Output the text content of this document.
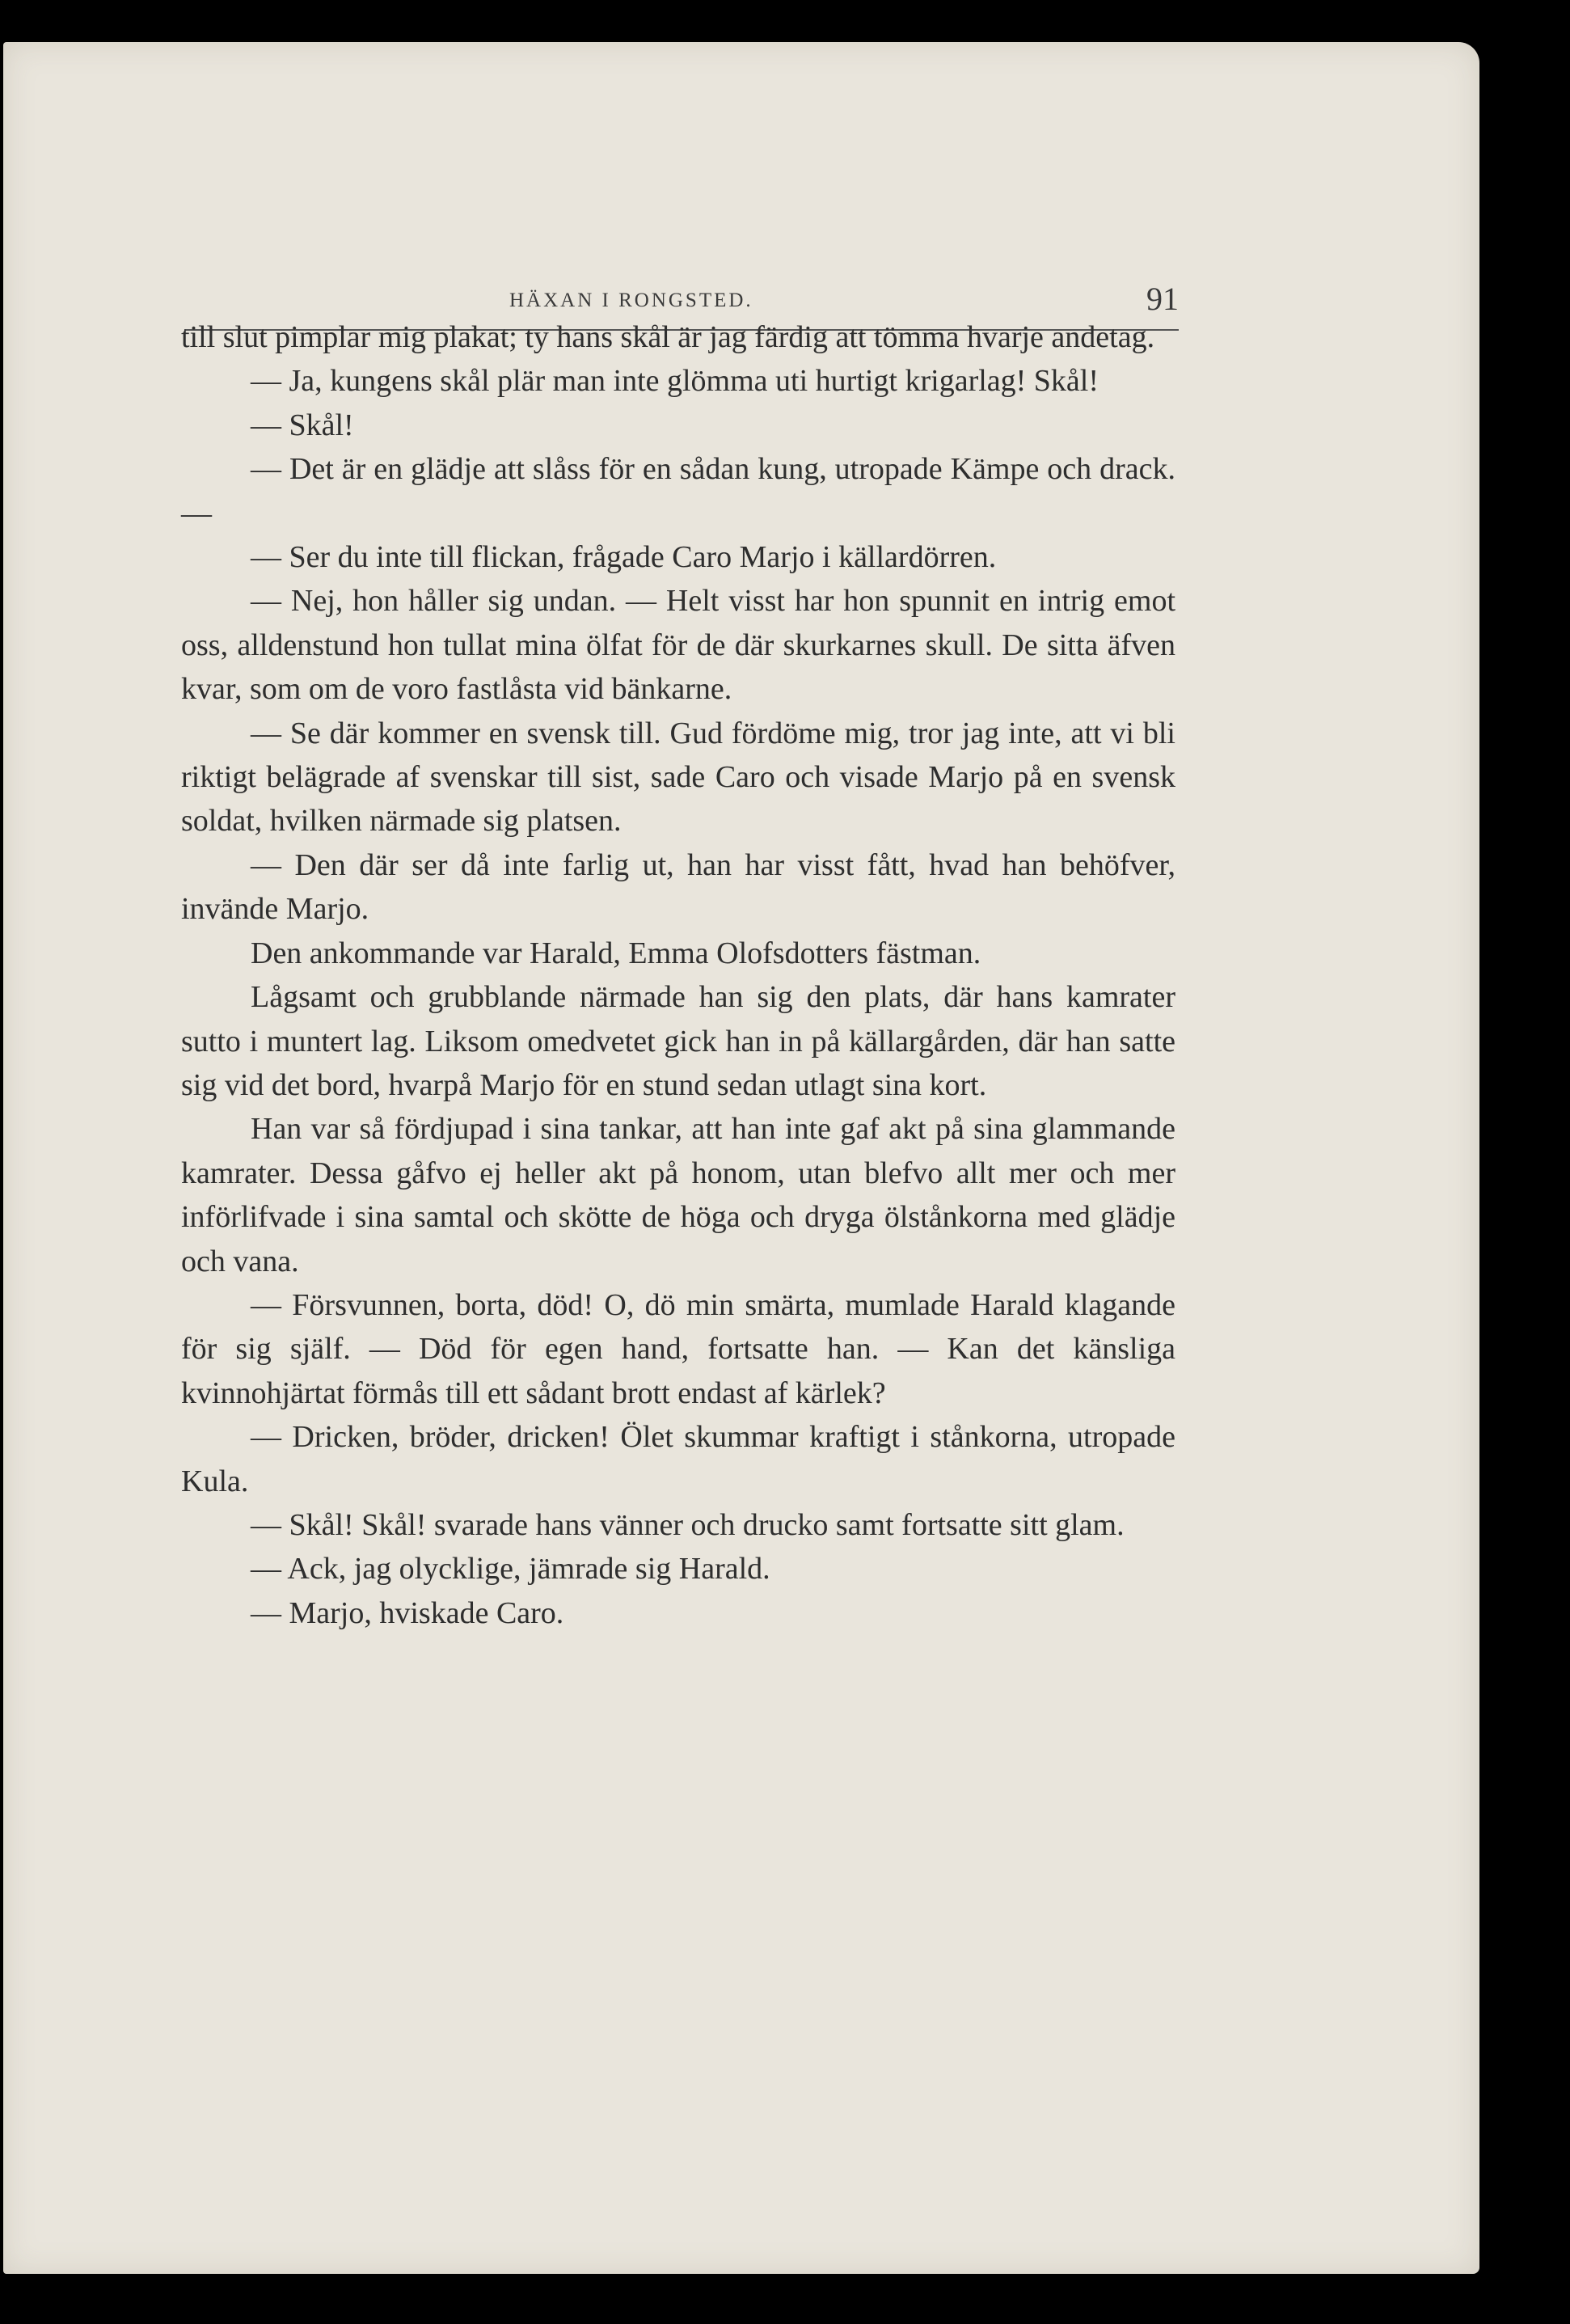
HÄXAN I RONGSTED.	91

till slut pimplar mig plakat; ty hans skål är jag färdig att tömma hvarje andetag.

— Ja, kungens skål plär man inte glömma uti hurtigt krigarlag! Skål!

— Skål!

— Det är en glädje att slåss för en sådan kung, utropade Kämpe och drack. —

— Ser du inte till flickan, frågade Caro Marjo i källardörren.

— Nej, hon håller sig undan. — Helt visst har hon spunnit en intrig emot oss, alldenstund hon tullat mina ölfat för de där skurkarnes skull. De sitta äfven kvar, som om de voro fastlåsta vid bänkarne.

— Se där kommer en svensk till. Gud fördöme mig, tror jag inte, att vi bli riktigt belägrade af svenskar till sist, sade Caro och visade Marjo på en svensk soldat, hvilken närmade sig platsen.

— Den där ser då inte farlig ut, han har visst fått, hvad han behöfver, invände Marjo.

Den ankommande var Harald, Emma Olofsdotters fästman.

Lågsamt och grubblande närmade han sig den plats, där hans kamrater sutto i muntert lag. Liksom omedvetet gick han in på källargården, där han satte sig vid det bord, hvarpå Marjo för en stund sedan utlagt sina kort.

Han var så fördjupad i sina tankar, att han inte gaf akt på sina glammande kamrater. Dessa gåfvo ej heller akt på honom, utan blefvo allt mer och mer införlifvade i sina samtal och skötte de höga och dryga ölstånkorna med glädje och vana.

— Försvunnen, borta, död! O, dö min smärta, mumlade Harald klagande för sig själf. — Död för egen hand, fortsatte han. — Kan det känsliga kvinnohjärtat förmås till ett sådant brott endast af kärlek?

— Dricken, bröder, dricken! Ölet skummar kraftigt i stånkorna, utropade Kula.

— Skål! Skål! svarade hans vänner och drucko samt fortsatte sitt glam.

— Ack, jag olycklige, jämrade sig Harald.

— Marjo, hviskade Caro.
